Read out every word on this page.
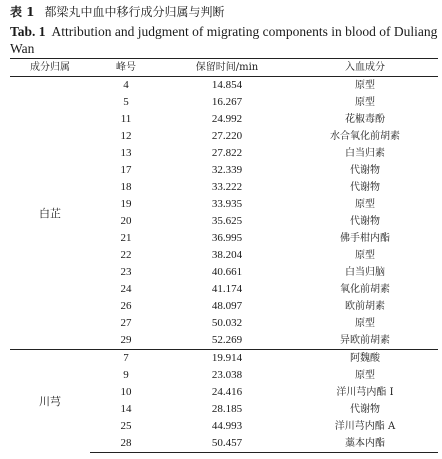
表 1 都梁丸中血中移行成分归属与判断
Tab. 1 Attribution and judgment of migrating components in blood of Duliang Wan
成分归属	峰号	保留时间/min	入血成分
白芷	4	14.854	原型
	5	16.267	原型
	11	24.992	花椒毒酚
	12	27.220	水合氧化前胡素
	13	27.822	白当归素
	17	32.339	代谢物
	18	33.222	代谢物
	19	33.935	原型
	20	35.625	代谢物
	21	36.995	佛手柑内酯
	22	38.204	原型
	23	40.661	白当归脑
	24	41.174	氧化前胡素
	26	48.097	欧前胡素
	27	50.032	原型
	29	52.269	异欧前胡素
川芎	7	19.914	阿魏酸
	9	23.038	原型
	10	24.416	洋川芎内酯 I
	14	28.185	代谢物
	25	44.993	洋川芎内酯 A
	28	50.457	藁本内酯
